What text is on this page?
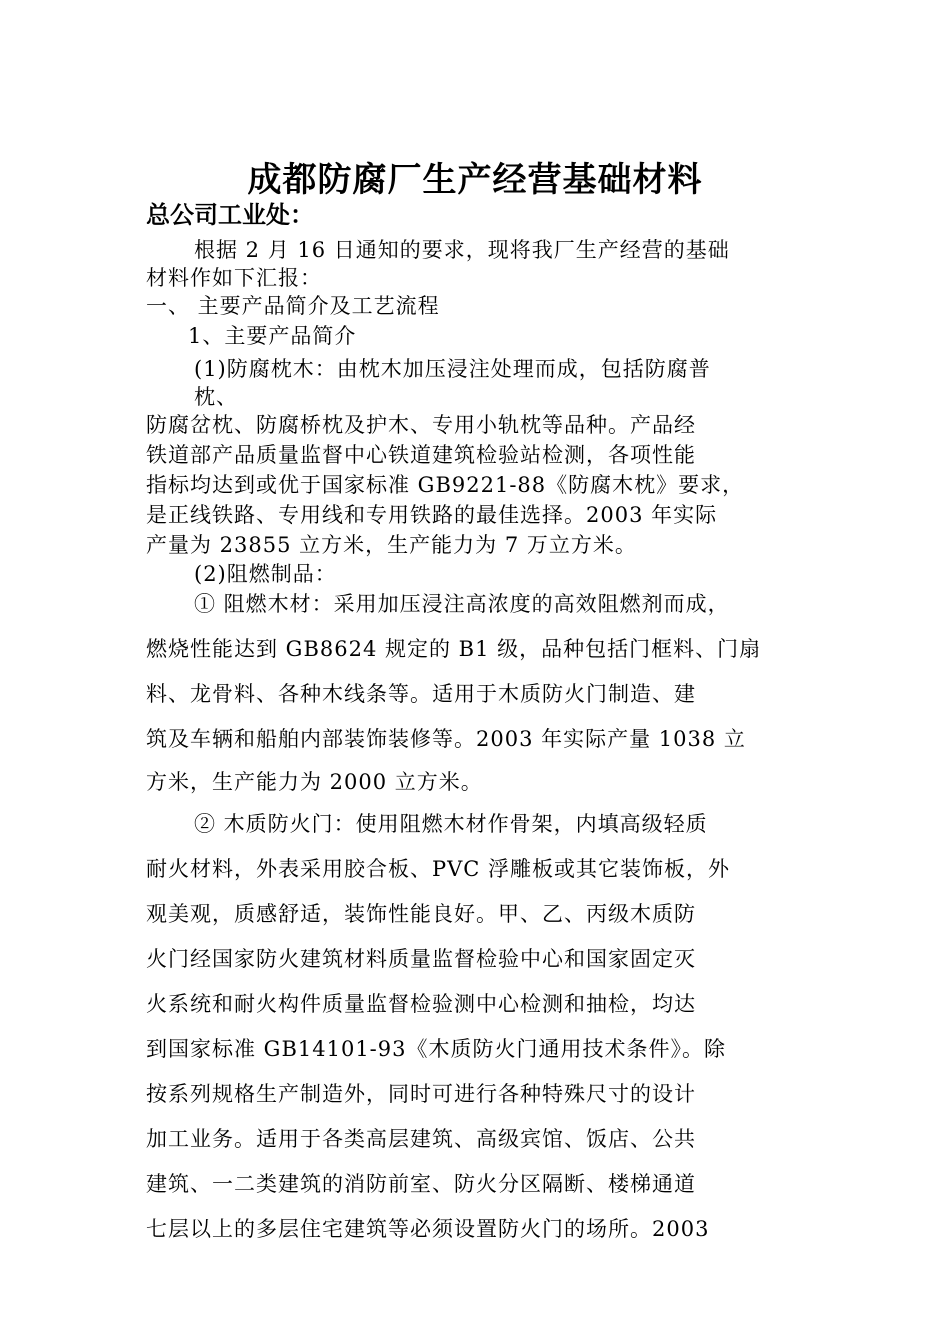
成都防腐厂生产经营基础材料
总公司工业处：
根据 2 月 16 日通知的要求，现将我厂生产经营的基础
材料作如下汇报：
一、 主要产品简介及工艺流程
1、主要产品简介
(1)防腐枕木：由枕木加压浸注处理而成，包括防腐普
枕、
防腐岔枕、防腐桥枕及护木、专用小轨枕等品种。产品经
铁道部产品质量监督中心铁道建筑检验站检测，各项性能
指标均达到或优于国家标准 GB9221-88《防腐木枕》要求，
是正线铁路、专用线和专用铁路的最佳选择。2003 年实际
产量为 23855 立方米，生产能力为 7 万立方米。
(2)阻燃制品：
① 阻燃木材：采用加压浸注高浓度的高效阻燃剂而成，
燃烧性能达到 GB8624 规定的 B1 级，品种包括门框料、门扇
料、龙骨料、各种木线条等。适用于木质防火门制造、建
筑及车辆和船舶内部装饰装修等。2003 年实际产量 1038 立
方米，生产能力为 2000 立方米。
② 木质防火门：使用阻燃木材作骨架，内填高级轻质
耐火材料，外表采用胶合板、PVC 浮雕板或其它装饰板，外
观美观，质感舒适，装饰性能良好。甲、乙、丙级木质防
火门经国家防火建筑材料质量监督检验中心和国家固定灭
火系统和耐火构件质量监督检验测中心检测和抽检，均达
到国家标准 GB14101-93《木质防火门通用技术条件》。除
按系列规格生产制造外，同时可进行各种特殊尺寸的设计
加工业务。适用于各类高层建筑、高级宾馆、饭店、公共
建筑、一二类建筑的消防前室、防火分区隔断、楼梯通道
七层以上的多层住宅建筑等必须设置防火门的场所。2003
